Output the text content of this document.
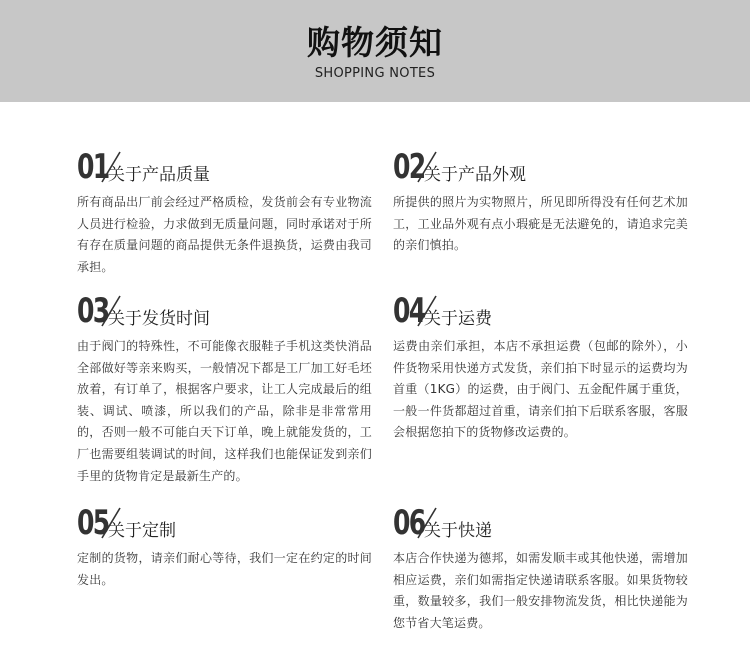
购物须知
SHOPPING NOTES
01 关于产品质量

所有商品出厂前会经过严格质检，发货前会有专业物流人员进行检验，力求做到无质量问题，同时承诺对于所有存在质量问题的商品提供无条件退换货，运费由我司承担。

02 关于产品外观

所提供的照片为实物照片，所见即所得没有任何艺术加工，工业品外观有点小瑕疵是无法避免的，请追求完美的亲们慎拍。

03 关于发货时间

由于阀门的特殊性，不可能像衣服鞋子手机这类快消品全部做好等亲来购买，一般情况下都是工厂加工好毛坯放着，有订单了，根据客户要求，让工人完成最后的组装、调试、喷漆，所以我们的产品，除非是非常常用的，否则一般不可能白天下订单，晚上就能发货的，工厂也需要组装调试的时间，这样我们也能保证发到亲们手里的货物肯定是最新生产的。

04 关于运费

运费由亲们承担，本店不承担运费（包邮的除外），小件货物采用快递方式发货，亲们拍下时显示的运费均为首重（1KG）的运费，由于阀门、五金配件属于重货，一般一件货都超过首重，请亲们拍下后联系客服，客服会根据您拍下的货物修改运费的。

05 关于定制

定制的货物，请亲们耐心等待，我们一定在约定的时间发出。

06 关于快递

本店合作快递为德邦，如需发顺丰或其他快递，需增加相应运费，亲们如需指定快递请联系客服。如果货物较重，数量较多，我们一般安排物流发货，相比快递能为您节省大笔运费。
